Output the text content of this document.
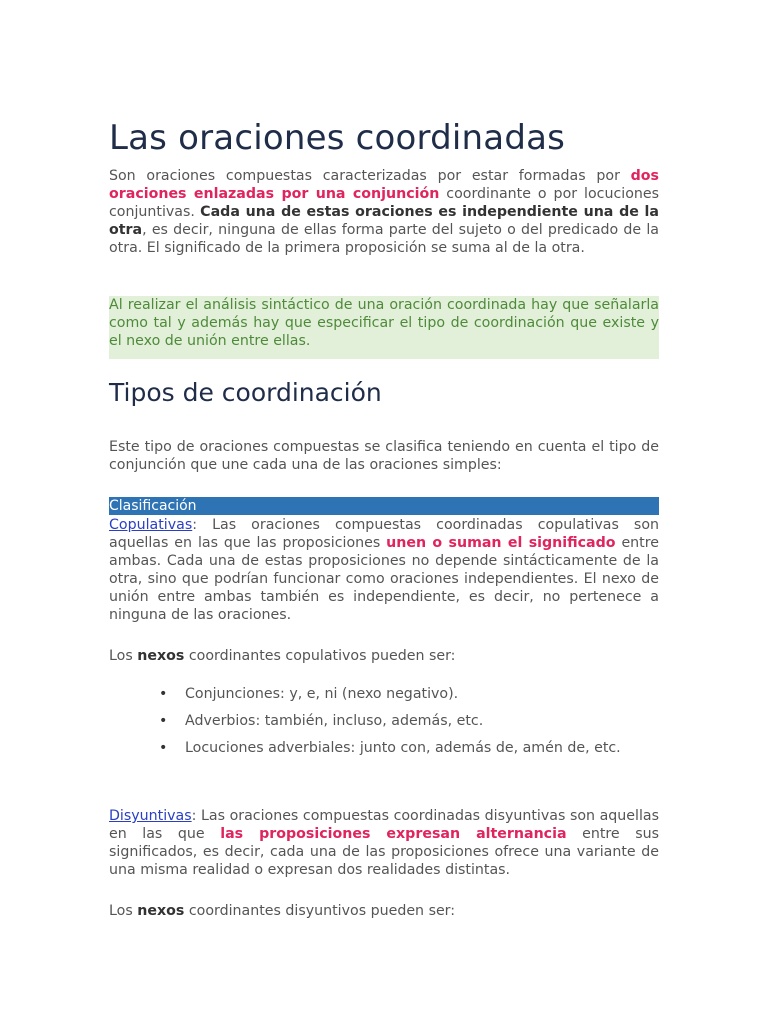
Las oraciones coordinadas

Son oraciones compuestas caracterizadas por estar formadas por dos oraciones enlazadas por una conjunción coordinante o por locuciones conjuntivas. Cada una de estas oraciones es independiente una de la otra, es decir, ninguna de ellas forma parte del sujeto o del predicado de la otra. El significado de la primera proposición se suma al de la otra.

Al realizar el análisis sintáctico de una oración coordinada hay que señalarla como tal y además hay que especificar el tipo de coordinación que existe y el nexo de unión entre ellas.

Tipos de coordinación

Este tipo de oraciones compuestas se clasifica teniendo en cuenta el tipo de conjunción que une cada una de las oraciones simples:

Clasificación

Copulativas: Las oraciones compuestas coordinadas copulativas son aquellas en las que las proposiciones unen o suman el significado entre ambas. Cada una de estas proposiciones no depende sintácticamente de la otra, sino que podrían funcionar como oraciones independientes. El nexo de unión entre ambas también es independiente, es decir, no pertenece a ninguna de las oraciones.

Los nexos coordinantes copulativos pueden ser:

• Conjunciones: y, e, ni (nexo negativo).
• Adverbios: también, incluso, además, etc.
• Locuciones adverbiales: junto con, además de, amén de, etc.

Disyuntivas: Las oraciones compuestas coordinadas disyuntivas son aquellas en las que las proposiciones expresan alternancia entre sus significados, es decir, cada una de las proposiciones ofrece una variante de una misma realidad o expresan dos realidades distintas.

Los nexos coordinantes disyuntivos pueden ser:
